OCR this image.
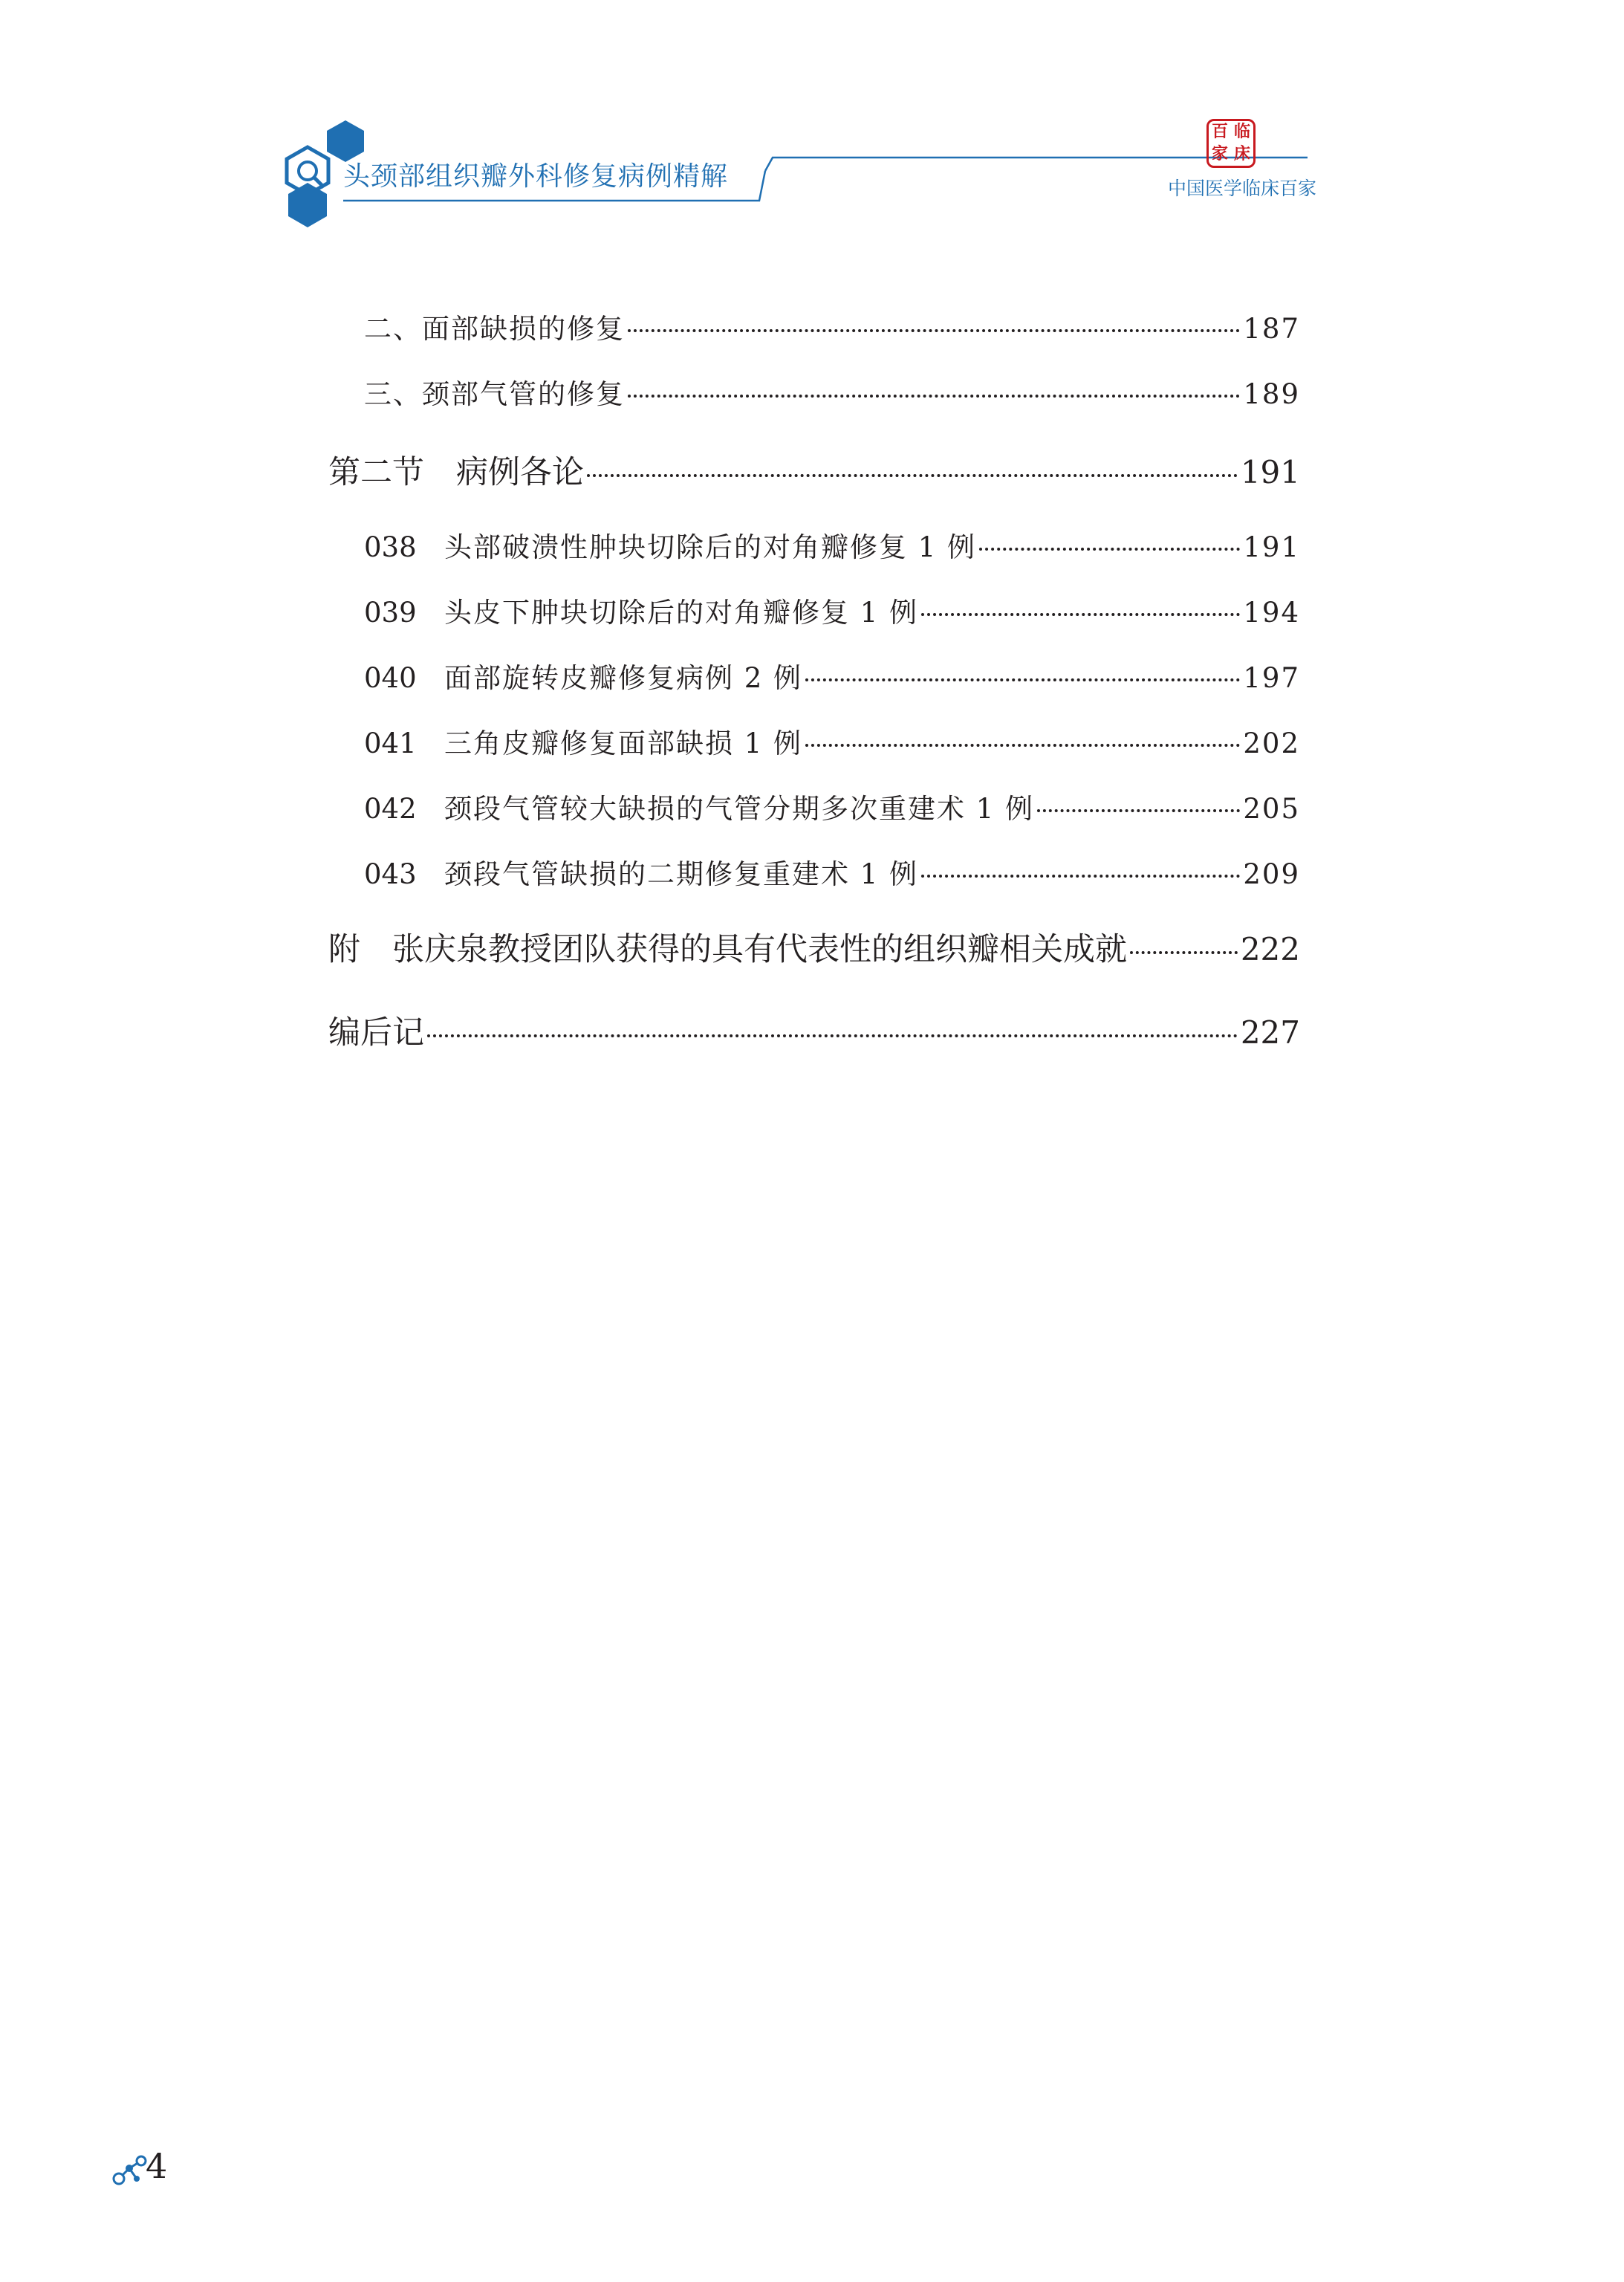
头颈部组织瓣外科修复病例精解
百 临
家 床
中国医学临床百家
二、面部缺损的修复	187
三、颈部气管的修复	189
第二节　病例各论	191
038	头部破溃性肿块切除后的对角瓣修复 1 例	191
039	头皮下肿块切除后的对角瓣修复 1 例	194
040	面部旋转皮瓣修复病例 2 例	197
041	三角皮瓣修复面部缺损 1 例	202
042	颈段气管较大缺损的气管分期多次重建术 1 例	205
043	颈段气管缺损的二期修复重建术 1 例	209
附　张庆泉教授团队获得的具有代表性的组织瓣相关成就	222
编后记	227
4
